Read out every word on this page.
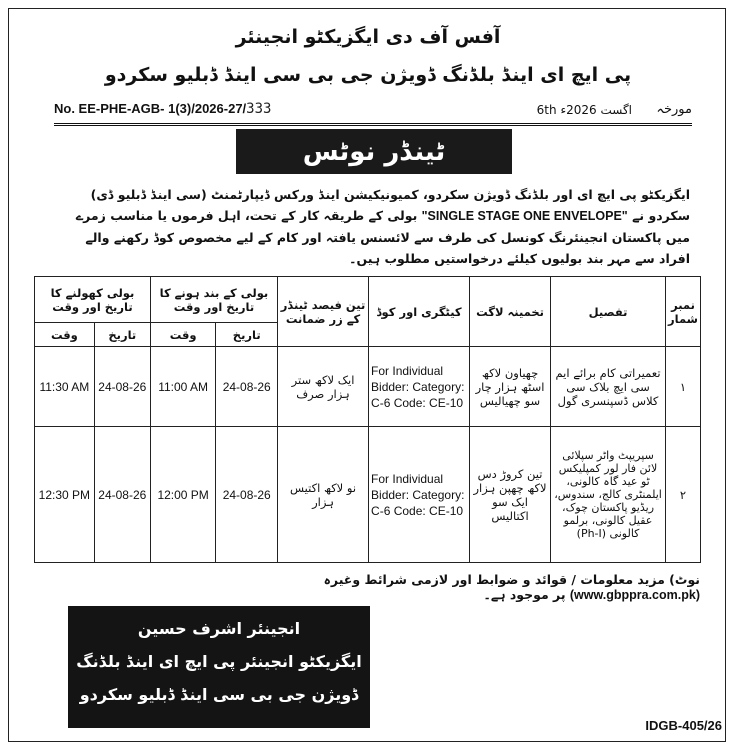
آفس آف دی ایگزیکٹو انجینئر
پی ایچ ای اینڈ بلڈنگ ڈویژن جی بی سی اینڈ ڈبلیو سکردو
No. EE-PHE-AGB- 1(3)/2026-27/333	6th اگست 2026ء مورخہ
ٹینڈر نوٹس
ایگزیکٹو پی ایچ ای اور بلڈنگ ڈویژن سکردو، کمیونیکیشن اینڈ ورکس ڈیپارٹمنٹ (سی اینڈ ڈبلیو ڈی) سکردو نے "SINGLE STAGE ONE ENVELOPE" بولی کے طریقہ کار کے تحت، اہل فرموں یا مناسب زمرے میں پاکستان انجینئرنگ کونسل کی طرف سے لائسنس یافتہ اور کام کے لیے مخصوص کوڈ رکھنے والے افراد سے مہر بند بولیوں کیلئے درخواستیں مطلوب ہیں۔
نمبر شمار	تفصیل	تخمینہ لاگت	کیٹگری اور کوڈ	تین فیصد ٹینڈر کے زر ضمانت	بولی کے بند ہونے کا تاریخ اور وقت		بولی کھولنے کا تاریخ اور وقت	
					تاریخ	وقت	تاریخ	وقت
۱	تعمیراتی کام برائے ایم سی ایچ بلاک سی کلاس ڈسپنسری گول	چھیاون لاکھ اسٹھ ہزار چار سو چھیالیس	For Individual Bidder: Category: C-6 Code: CE-10	ایک لاکھ ستر ہزار صرف	24-08-26	11:00 AM	24-08-26	11:30 AM
۲	سپریپٹ واٹر سپلائی لائن فار لور کمپلیکس ٹو عید گاہ کالونی، ایلمنٹری کالج، سندوس، ریڈیو پاکستان چوک، عقیل کالونی، برلمو کالونی (Ph-I)	تین کروڑ دس لاکھ چھپن ہزار ایک سو اکتالیس	For Individual Bidder: Category: C-6 Code: CE-10	نو لاکھ اکتیس ہزار	24-08-26	12:00 PM	24-08-26	12:30 PM
نوٹ) مزید معلومات / قوائد و ضوابط اور لازمی شرائط وغیرہ (www.gbppra.com.pk) پر موجود ہے۔
انجینئر اشرف حسین
ایگزیکٹو انجینئر پی ایچ ای اینڈ بلڈنگ
ڈویژن جی بی سی اینڈ ڈبلیو سکردو
IDGB-405/26
